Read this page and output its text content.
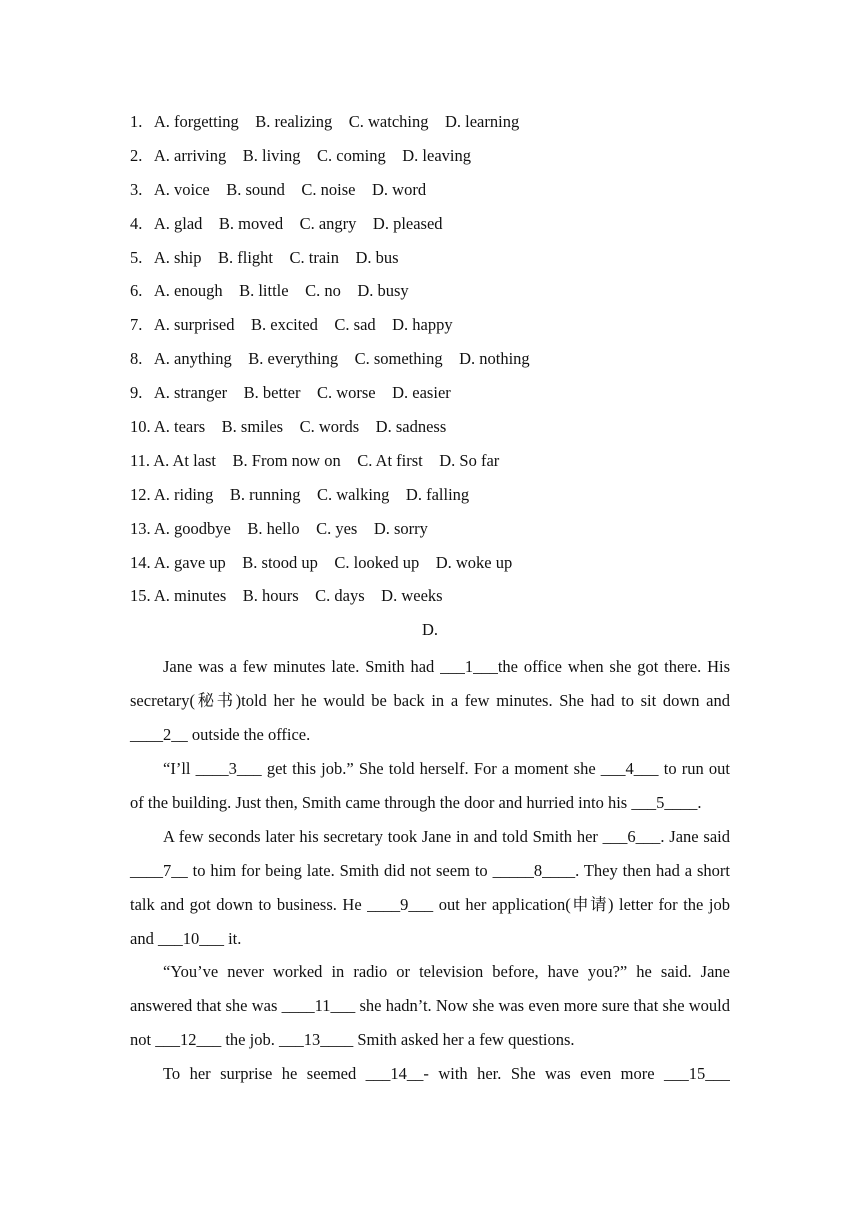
1.   A. forgetting    B. realizing    C. watching    D. learning
2.   A. arriving    B. living    C. coming    D. leaving
3.   A. voice    B. sound    C. noise    D. word
4.   A. glad    B. moved    C. angry    D. pleased
5.   A. ship    B. flight    C. train    D. bus
6.   A. enough    B. little    C. no    D. busy
7.   A. surprised    B. excited    C. sad    D. happy
8.   A. anything    B. everything    C. something    D. nothing
9.   A. stranger    B. better    C. worse    D. easier
10. A. tears    B. smiles    C. words    D. sadness
11. A. At last    B. From now on    C. At first    D. So far
12. A. riding    B. running    C. walking    D. falling
13. A. goodbye    B. hello    C. yes    D. sorry
14. A. gave up    B. stood up    C. looked up    D. woke up
15. A. minutes    B. hours    C. days    D. weeks
D.

Jane was a few minutes late. Smith had ___1___the office when she got there. His secretary(秘书)told her he would be back in a few minutes. She had to sit down and ____2__ outside the office.

“I’ll ____3___ get this job.” She told herself. For a moment she ___4___ to run out of the building. Just then, Smith came through the door and hurried into his ___5____.

A few seconds later his secretary took Jane in and told Smith her ___6___. Jane said ____7__ to him for being late. Smith did not seem to _____8____. They then had a short talk and got down to business. He ____9___ out her application(申请) letter for the job and ___10___ it.

“You’ve never worked in radio or television before, have you?” he said. Jane answered that she was ____11___ she hadn’t. Now she was even more sure that she would not ___12___ the job. ___13____ Smith asked her a few questions.

To her surprise he seemed ___14__- with her. She was even more ___15___
